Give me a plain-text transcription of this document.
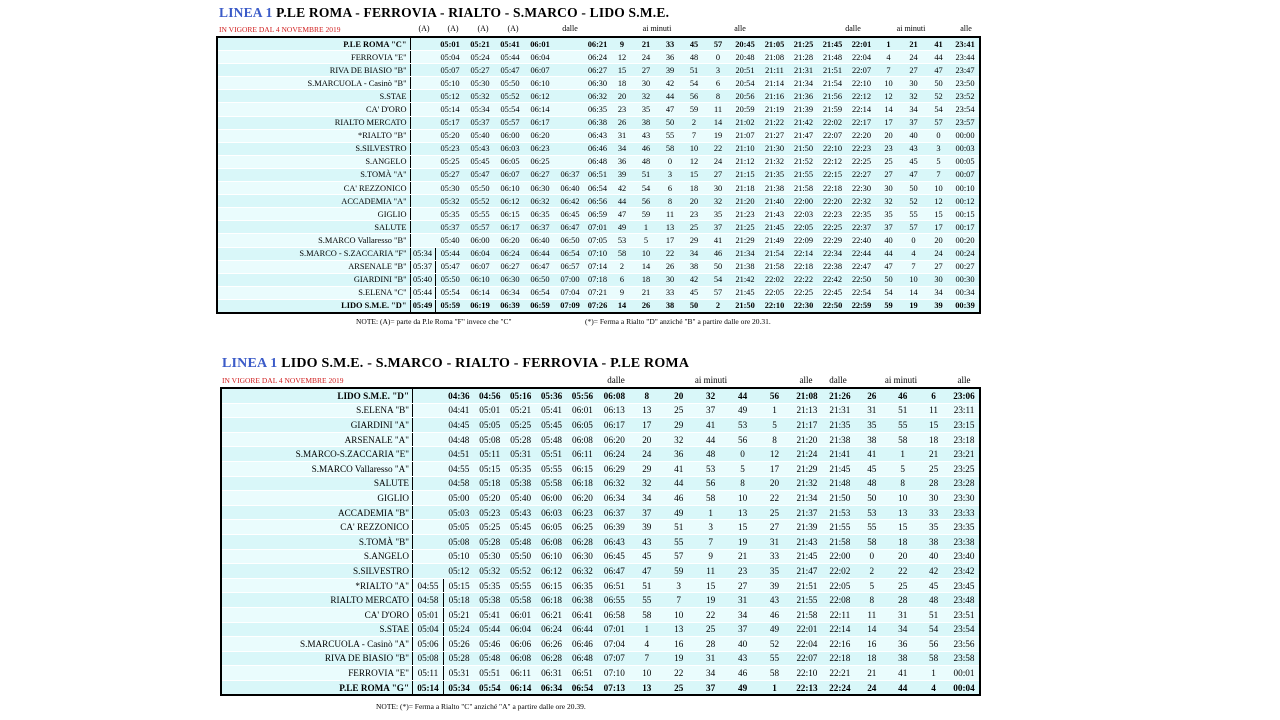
LINEA 1 P.LE ROMA - FERROVIA - RIALTO - S.MARCO - LIDO S.M.E.
IN VIGORE DAL 4 NOVEMBRE 2019	(A) (A) (A) (A)	dalle	ai minuti	alle	dalle	ai minuti	alle
P.LE ROMA "C"		05:01	05:21	05:41	06:01		06:21	9	21	33	45	57	20:45	21:05	21:25	21:45	22:01	1	21	41	23:41
FERROVIA "E"		05:04	05:24	05:44	06:04		06:24	12	24	36	48	0	20:48	21:08	21:28	21:48	22:04	4	24	44	23:44
RIVA DE BIASIO "B"		05:07	05:27	05:47	06:07		06:27	15	27	39	51	3	20:51	21:11	21:31	21:51	22:07	7	27	47	23:47
S.MARCUOLA - Casinò "B"		05:10	05:30	05:50	06:10		06:30	18	30	42	54	6	20:54	21:14	21:34	21:54	22:10	10	30	50	23:50
S.STAE		05:12	05:32	05:52	06:12		06:32	20	32	44	56	8	20:56	21:16	21:36	21:56	22:12	12	32	52	23:52
CA' D'ORO		05:14	05:34	05:54	06:14		06:35	23	35	47	59	11	20:59	21:19	21:39	21:59	22:14	14	34	54	23:54
RIALTO MERCATO		05:17	05:37	05:57	06:17		06:38	26	38	50	2	14	21:02	21:22	21:42	22:02	22:17	17	37	57	23:57
*RIALTO "B"		05:20	05:40	06:00	06:20		06:43	31	43	55	7	19	21:07	21:27	21:47	22:07	22:20	20	40	0	00:00
S.SILVESTRO		05:23	05:43	06:03	06:23		06:46	34	46	58	10	22	21:10	21:30	21:50	22:10	22:23	23	43	3	00:03
S.ANGELO		05:25	05:45	06:05	06:25		06:48	36	48	0	12	24	21:12	21:32	21:52	22:12	22:25	25	45	5	00:05
S.TOMÀ "A"		05:27	05:47	06:07	06:27	06:37	06:51	39	51	3	15	27	21:15	21:35	21:55	22:15	22:27	27	47	7	00:07
CA' REZZONICO		05:30	05:50	06:10	06:30	06:40	06:54	42	54	6	18	30	21:18	21:38	21:58	22:18	22:30	30	50	10	00:10
ACCADEMIA "A"		05:32	05:52	06:12	06:32	06:42	06:56	44	56	8	20	32	21:20	21:40	22:00	22:20	22:32	32	52	12	00:12
GIGLIO		05:35	05:55	06:15	06:35	06:45	06:59	47	59	11	23	35	21:23	21:43	22:03	22:23	22:35	35	55	15	00:15
SALUTE		05:37	05:57	06:17	06:37	06:47	07:01	49	1	13	25	37	21:25	21:45	22:05	22:25	22:37	37	57	17	00:17
S.MARCO Vallaresso "B"		05:40	06:00	06:20	06:40	06:50	07:05	53	5	17	29	41	21:29	21:49	22:09	22:29	22:40	40	0	20	00:20
S.MARCO - S.ZACCARIA "F"	05:34	05:44	06:04	06:24	06:44	06:54	07:10	58	10	22	34	46	21:34	21:54	22:14	22:34	22:44	44	4	24	00:24
ARSENALE "B"	05:37	05:47	06:07	06:27	06:47	06:57	07:14	2	14	26	38	50	21:38	21:58	22:18	22:38	22:47	47	7	27	00:27
GIARDINI "B"	05:40	05:50	06:10	06:30	06:50	07:00	07:18	6	18	30	42	54	21:42	22:02	22:22	22:42	22:50	50	10	30	00:30
S.ELENA "C"	05:44	05:54	06:14	06:34	06:54	07:04	07:21	9	21	33	45	57	21:45	22:05	22:25	22:45	22:54	54	14	34	00:34
LIDO S.M.E. "D"	05:49	05:59	06:19	06:39	06:59	07:09	07:26	14	26	38	50	2	21:50	22:10	22:30	22:50	22:59	59	19	39	00:39
NOTE: (A)= parte da P.le Roma "F" invece che "C"	(*)= Ferma a Rialto "D" anziché "B" a partire dalle ore 20.31.
LINEA 1 LIDO S.M.E. - S.MARCO - RIALTO - FERROVIA - P.LE ROMA
IN VIGORE DAL 4 NOVEMBRE 2019	dalle	ai minuti	alle dalle	ai minuti	alle
LIDO S.M.E. "D"		04:36	04:56	05:16	05:36	05:56	06:08	8	20	32	44	56	21:08	21:26	26	46	6	23:06
S.ELENA "B"		04:41	05:01	05:21	05:41	06:01	06:13	13	25	37	49	1	21:13	21:31	31	51	11	23:11
GIARDINI "A"		04:45	05:05	05:25	05:45	06:05	06:17	17	29	41	53	5	21:17	21:35	35	55	15	23:15
ARSENALE "A"		04:48	05:08	05:28	05:48	06:08	06:20	20	32	44	56	8	21:20	21:38	38	58	18	23:18
S.MARCO-S.ZACCARIA "E"		04:51	05:11	05:31	05:51	06:11	06:24	24	36	48	0	12	21:24	21:41	41	1	21	23:21
S.MARCO Vallaresso "A"		04:55	05:15	05:35	05:55	06:15	06:29	29	41	53	5	17	21:29	21:45	45	5	25	23:25
SALUTE		04:58	05:18	05:38	05:58	06:18	06:32	32	44	56	8	20	21:32	21:48	48	8	28	23:28
GIGLIO		05:00	05:20	05:40	06:00	06:20	06:34	34	46	58	10	22	21:34	21:50	50	10	30	23:30
ACCADEMIA "B"		05:03	05:23	05:43	06:03	06:23	06:37	37	49	1	13	25	21:37	21:53	53	13	33	23:33
CA' REZZONICO		05:05	05:25	05:45	06:05	06:25	06:39	39	51	3	15	27	21:39	21:55	55	15	35	23:35
S.TOMÀ "B"		05:08	05:28	05:48	06:08	06:28	06:43	43	55	7	19	31	21:43	21:58	58	18	38	23:38
S.ANGELO		05:10	05:30	05:50	06:10	06:30	06:45	45	57	9	21	33	21:45	22:00	0	20	40	23:40
S.SILVESTRO		05:12	05:32	05:52	06:12	06:32	06:47	47	59	11	23	35	21:47	22:02	2	22	42	23:42
*RIALTO "A"	04:55	05:15	05:35	05:55	06:15	06:35	06:51	51	3	15	27	39	21:51	22:05	5	25	45	23:45
RIALTO MERCATO	04:58	05:18	05:38	05:58	06:18	06:38	06:55	55	7	19	31	43	21:55	22:08	8	28	48	23:48
CA' D'ORO	05:01	05:21	05:41	06:01	06:21	06:41	06:58	58	10	22	34	46	21:58	22:11	11	31	51	23:51
S.STAE	05:04	05:24	05:44	06:04	06:24	06:44	07:01	1	13	25	37	49	22:01	22:14	14	34	54	23:54
S.MARCUOLA - Casinò "A"	05:06	05:26	05:46	06:06	06:26	06:46	07:04	4	16	28	40	52	22:04	22:16	16	36	56	23:56
RIVA DE BIASIO "B"	05:08	05:28	05:48	06:08	06:28	06:48	07:07	7	19	31	43	55	22:07	22:18	18	38	58	23:58
FERROVIA "E"	05:11	05:31	05:51	06:11	06:31	06:51	07:10	10	22	34	46	58	22:10	22:21	21	41	1	00:01
P.LE ROMA "G"	05:14	05:34	05:54	06:14	06:34	06:54	07:13	13	25	37	49	1	22:13	22:24	24	44	4	00:04
NOTE: (*)= Ferma a Rialto "C" anziché "A" a partire dalle ore 20.39.
